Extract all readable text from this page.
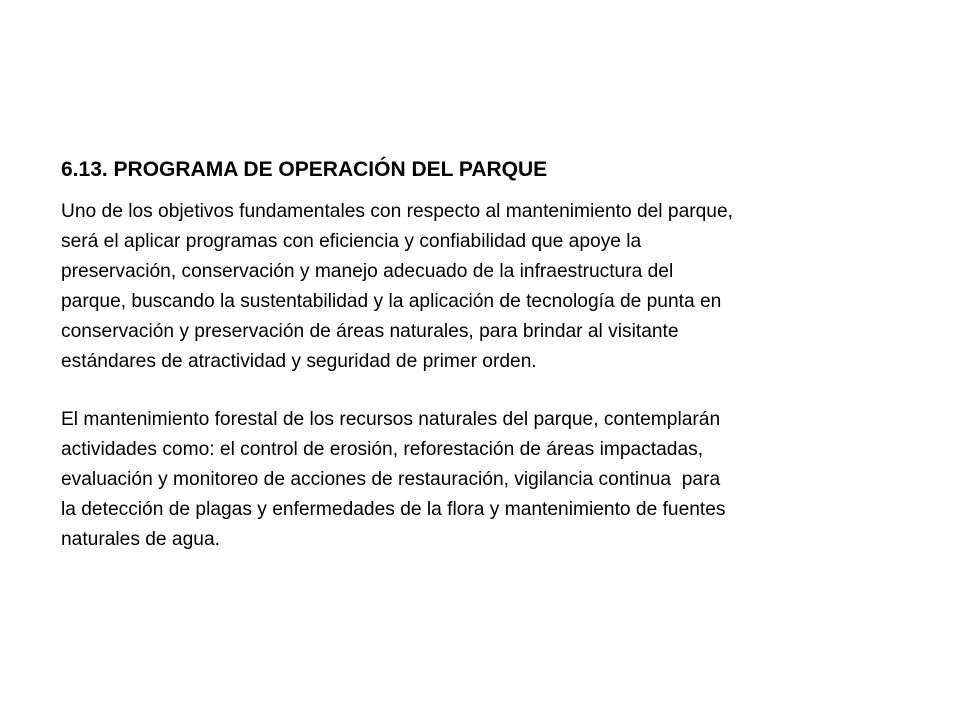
6.13. PROGRAMA DE OPERACIÓN DEL PARQUE

Uno de los objetivos fundamentales con respecto al mantenimiento del parque,
será el aplicar programas con eficiencia y confiabilidad que apoye la
preservación, conservación y manejo adecuado de la infraestructura del
parque, buscando la sustentabilidad y la aplicación de tecnología de punta en
conservación y preservación de áreas naturales, para brindar al visitante
estándares de atractividad y seguridad de primer orden.

El mantenimiento forestal de los recursos naturales del parque, contemplarán
actividades como: el control de erosión, reforestación de áreas impactadas,
evaluación y monitoreo de acciones de restauración, vigilancia continua  para
la detección de plagas y enfermedades de la flora y mantenimiento de fuentes
naturales de agua.
